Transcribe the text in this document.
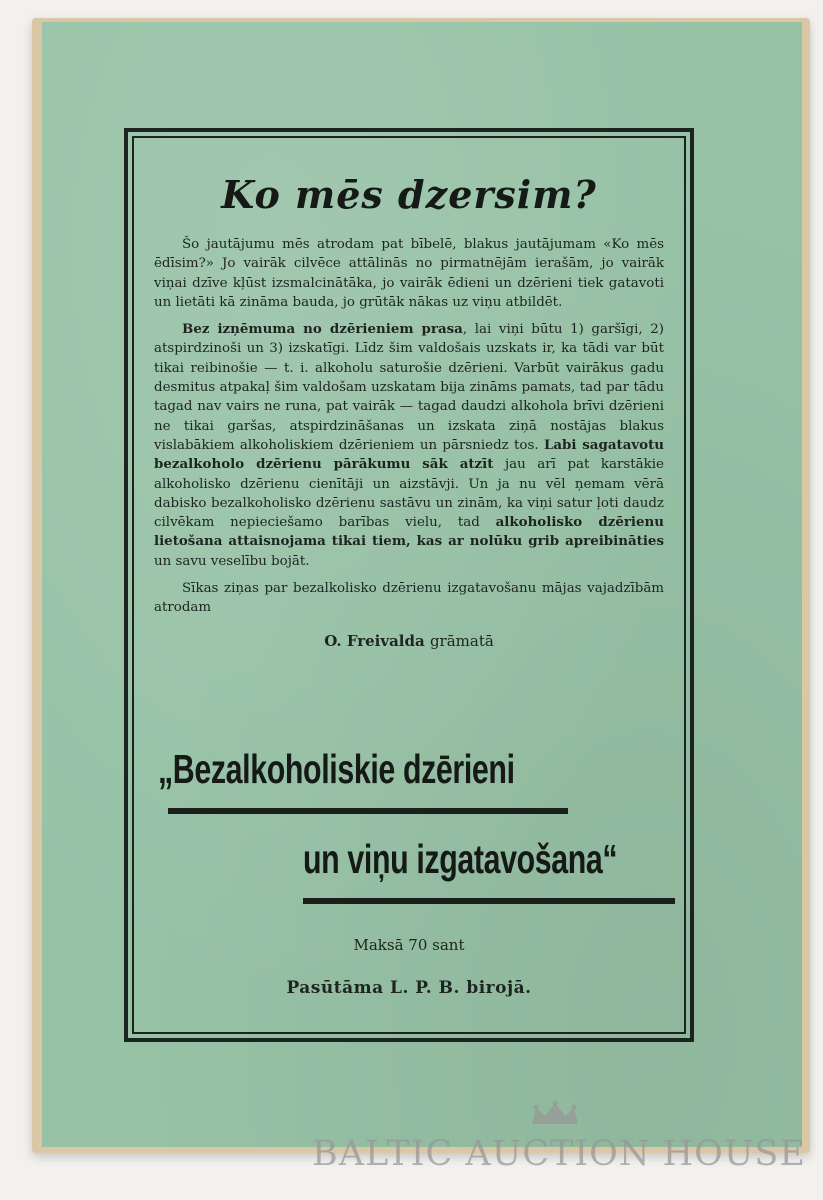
Ko mēs dzersim?

Šo jautājumu mēs atrodam pat bībelē, blakus jautājumam «Ko mēs ēdīsim?» Jo vairāk cilvēce attālinās no pirmatnējām ierašām, jo vairāk viņai dzīve kļūst izsmalcinātāka, jo vairāk ēdieni un dzērieni tiek gatavoti un lietāti kā zināma bauda, jo grūtāk nākas uz viņu atbildēt.

Bez izņēmuma no dzērieniem prasa, lai viņi būtu 1) garšīgi, 2) atspirdzinoši un 3) izskatīgi. Līdz šim valdošais uzskats ir, ka tādi var būt tikai reibinošie — t. i. alkoholu saturošie dzērieni. Varbūt vairākus gadu desmitus atpakaļ šim valdošam uzskatam bija zināms pamats, tad par tādu tagad nav vairs ne runa, pat vairāk — tagad daudzi alkohola brīvi dzērieni ne tikai garšas, atspirdzināšanas un izskata ziņā nostājas blakus vislabākiem alkoholiskiem dzērieniem un pārsniedz tos. Labi sagatavotu bezalkoholo dzērienu pārākumu sāk atzīt jau arī pat karstākie alkoholisko dzērienu cienītāji un aizstāvji. Un ja nu vēl ņemam vērā dabisko bezalkoholisko dzērienu sastāvu un zinām, ka viņi satur ļoti daudz cilvēkam nepieciešamo barības vielu, tad alkoholisko dzērienu lietošana attaisnojama tikai tiem, kas ar nolūku grib apreibināties un savu veselību bojāt.

Sīkas ziņas par bezalkolisko dzērienu izgatavošanu mājas vajadzībām atrodam

O. Freivalda grāmatā
„Bezalkoholiskie dzērieni
un viņu izgatavošana“
Maksā 70 sant
Pasūtāma L. P. B. birojā.
BALTIC AUCTION HOUSE
